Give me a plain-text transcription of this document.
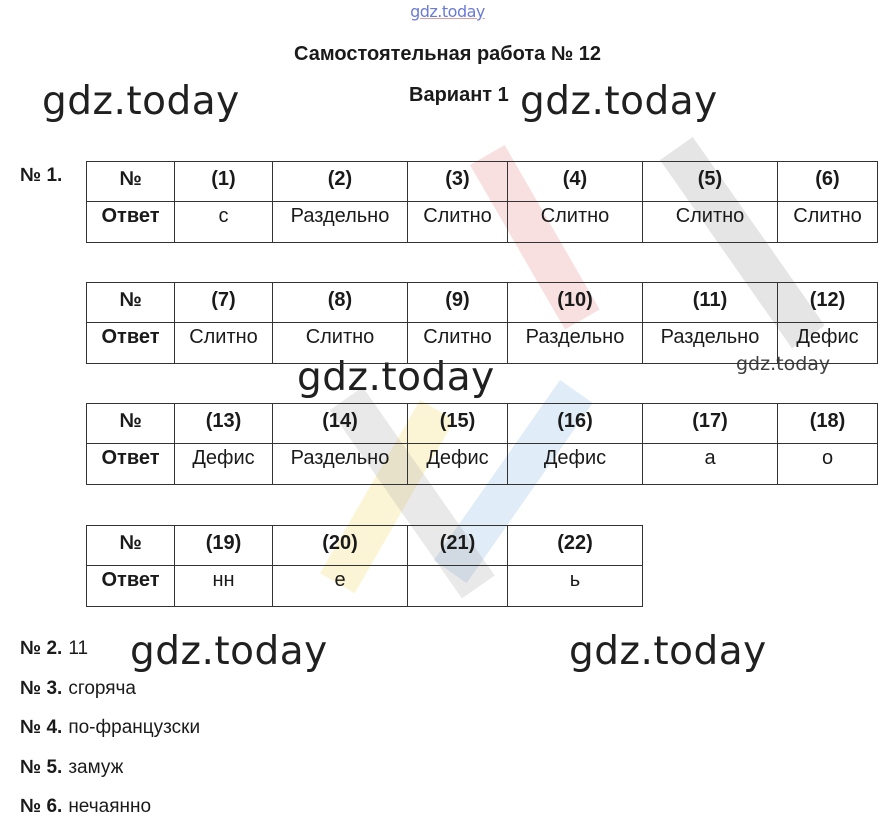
gdz.today
Самостоятельная работа № 12
Вариант 1
gdz.today	gdz.today
gdz.today	gdz.today
gdz.today	gdz.today
№ 1.	№	(1)	(2)	(3)	(4)	(5)	(6)
Ответ	с	Раздельно	Слитно	Слитно	Слитно	Слитно
№	(7)	(8)	(9)	(10)	(11)	(12)
Ответ	Слитно	Слитно	Слитно	Раздельно	Раздельно	Дефис
№	(13)	(14)	(15)	(16)	(17)	(18)
Ответ	Дефис	Раздельно	Дефис	Дефис	а	о
№	(19)	(20)	(21)	(22)
Ответ	нн	е		ь
№ 2. 11
№ 3. сгоряча
№ 4. по-французски
№ 5. замуж
№ 6. нечаянно
